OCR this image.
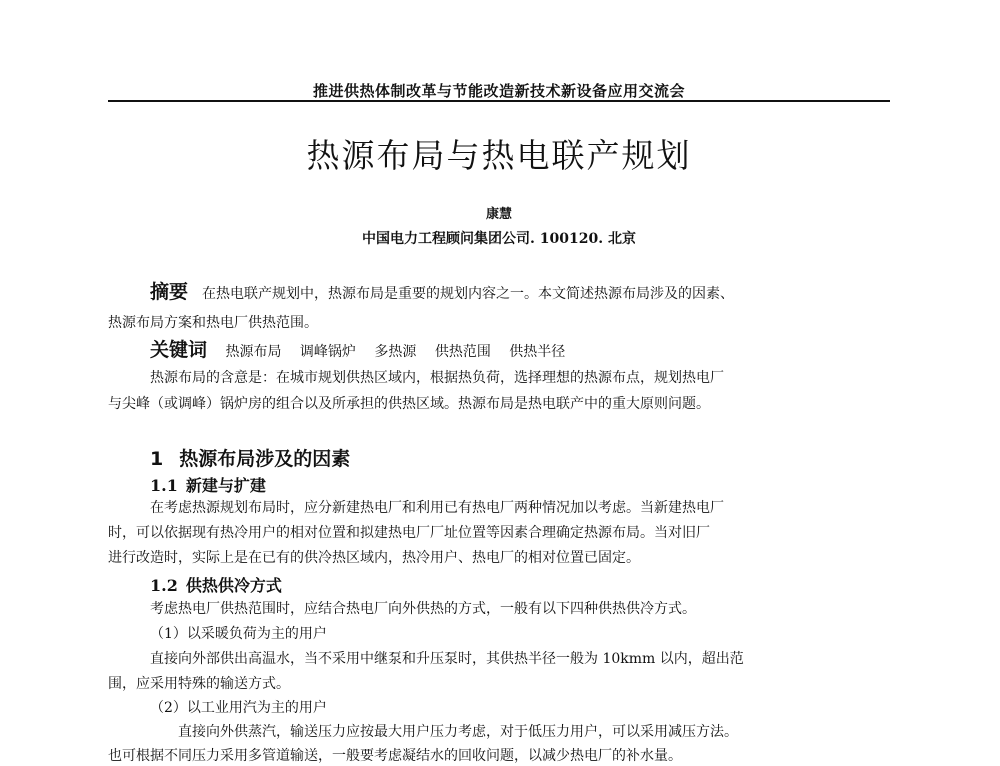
推进供热体制改革与节能改造新技术新设备应用交流会
热源布局与热电联产规划
康慧
中国电力工程顾问集团公司. 100120. 北京
摘要 在热电联产规划中，热源布局是重要的规划内容之一。本文简述热源布局涉及的因素、
热源布局方案和热电厂供热范围。
关键词 热源布局 调峰锅炉 多热源 供热范围 供热半径
热源布局的含意是：在城市规划供热区域内，根据热负荷，选择理想的热源布点，规划热电厂
与尖峰（或调峰）锅炉房的组合以及所承担的供热区域。热源布局是热电联产中的重大原则问题。
1 热源布局涉及的因素
1.1 新建与扩建
在考虑热源规划布局时，应分新建热电厂和利用已有热电厂两种情况加以考虑。当新建热电厂
时，可以依据现有热冷用户的相对位置和拟建热电厂厂址位置等因素合理确定热源布局。当对旧厂
进行改造时，实际上是在已有的供冷热区域内，热冷用户、热电厂的相对位置已固定。
1.2 供热供冷方式
考虑热电厂供热范围时，应结合热电厂向外供热的方式，一般有以下四种供热供冷方式。
（1）以采暖负荷为主的用户
直接向外部供出高温水，当不采用中继泵和升压泵时，其供热半径一般为 10kmm 以内，超出范
围，应采用特殊的输送方式。
（2）以工业用汽为主的用户
直接向外供蒸汽，输送压力应按最大用户压力考虑，对于低压力用户，可以采用减压方法。
也可根据不同压力采用多管道输送，一般要考虑凝结水的回收问题，以减少热电厂的补水量。
